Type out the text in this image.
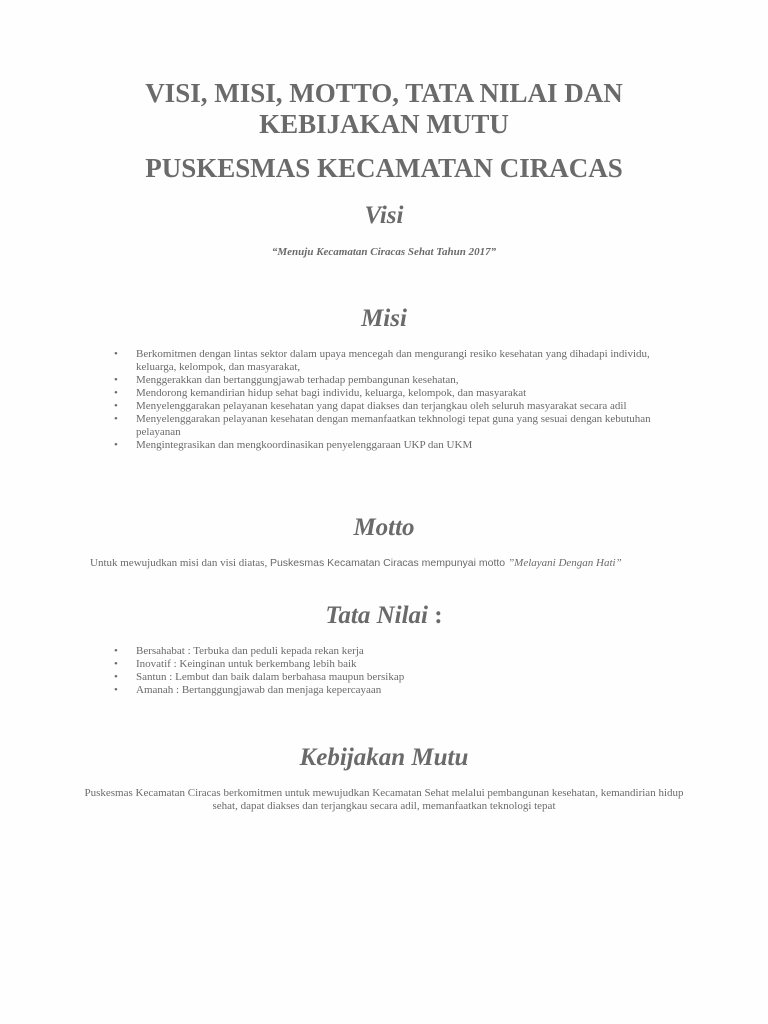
VISI, MISI, MOTTO, TATA NILAI DAN
KEBIJAKAN MUTU
PUSKESMAS KECAMATAN CIRACAS
Visi
“Menuju Kecamatan Ciracas Sehat Tahun 2017”
Misi
• Berkomitmen dengan lintas sektor dalam upaya mencegah dan mengurangi resiko kesehatan yang dihadapi individu, keluarga, kelompok, dan masyarakat,
• Menggerakkan dan bertanggungjawab terhadap pembangunan kesehatan,
• Mendorong kemandirian hidup sehat bagi individu, keluarga, kelompok, dan masyarakat
• Menyelenggarakan pelayanan kesehatan yang dapat diakses dan terjangkau oleh seluruh masyarakat secara adil
• Menyelenggarakan pelayanan kesehatan dengan memanfaatkan tekhnologi tepat guna yang sesuai dengan kebutuhan pelayanan
• Mengintegrasikan dan mengkoordinasikan penyelenggaraan UKP dan UKM
Motto
Untuk mewujudkan misi dan visi diatas, Puskesmas Kecamatan Ciracas mempunyai motto ”Melayani Dengan Hati”
Tata Nilai :
• Bersahabat : Terbuka dan peduli kepada rekan kerja
• Inovatif : Keinginan untuk berkembang lebih baik
• Santun : Lembut dan baik dalam berbahasa maupun bersikap
• Amanah : Bertanggungjawab dan menjaga kepercayaan
Kebijakan Mutu
Puskesmas Kecamatan Ciracas berkomitmen untuk mewujudkan Kecamatan Sehat melalui pembangunan kesehatan, kemandirian hidup sehat, dapat diakses dan terjangkau secara adil, memanfaatkan teknologi tepat
